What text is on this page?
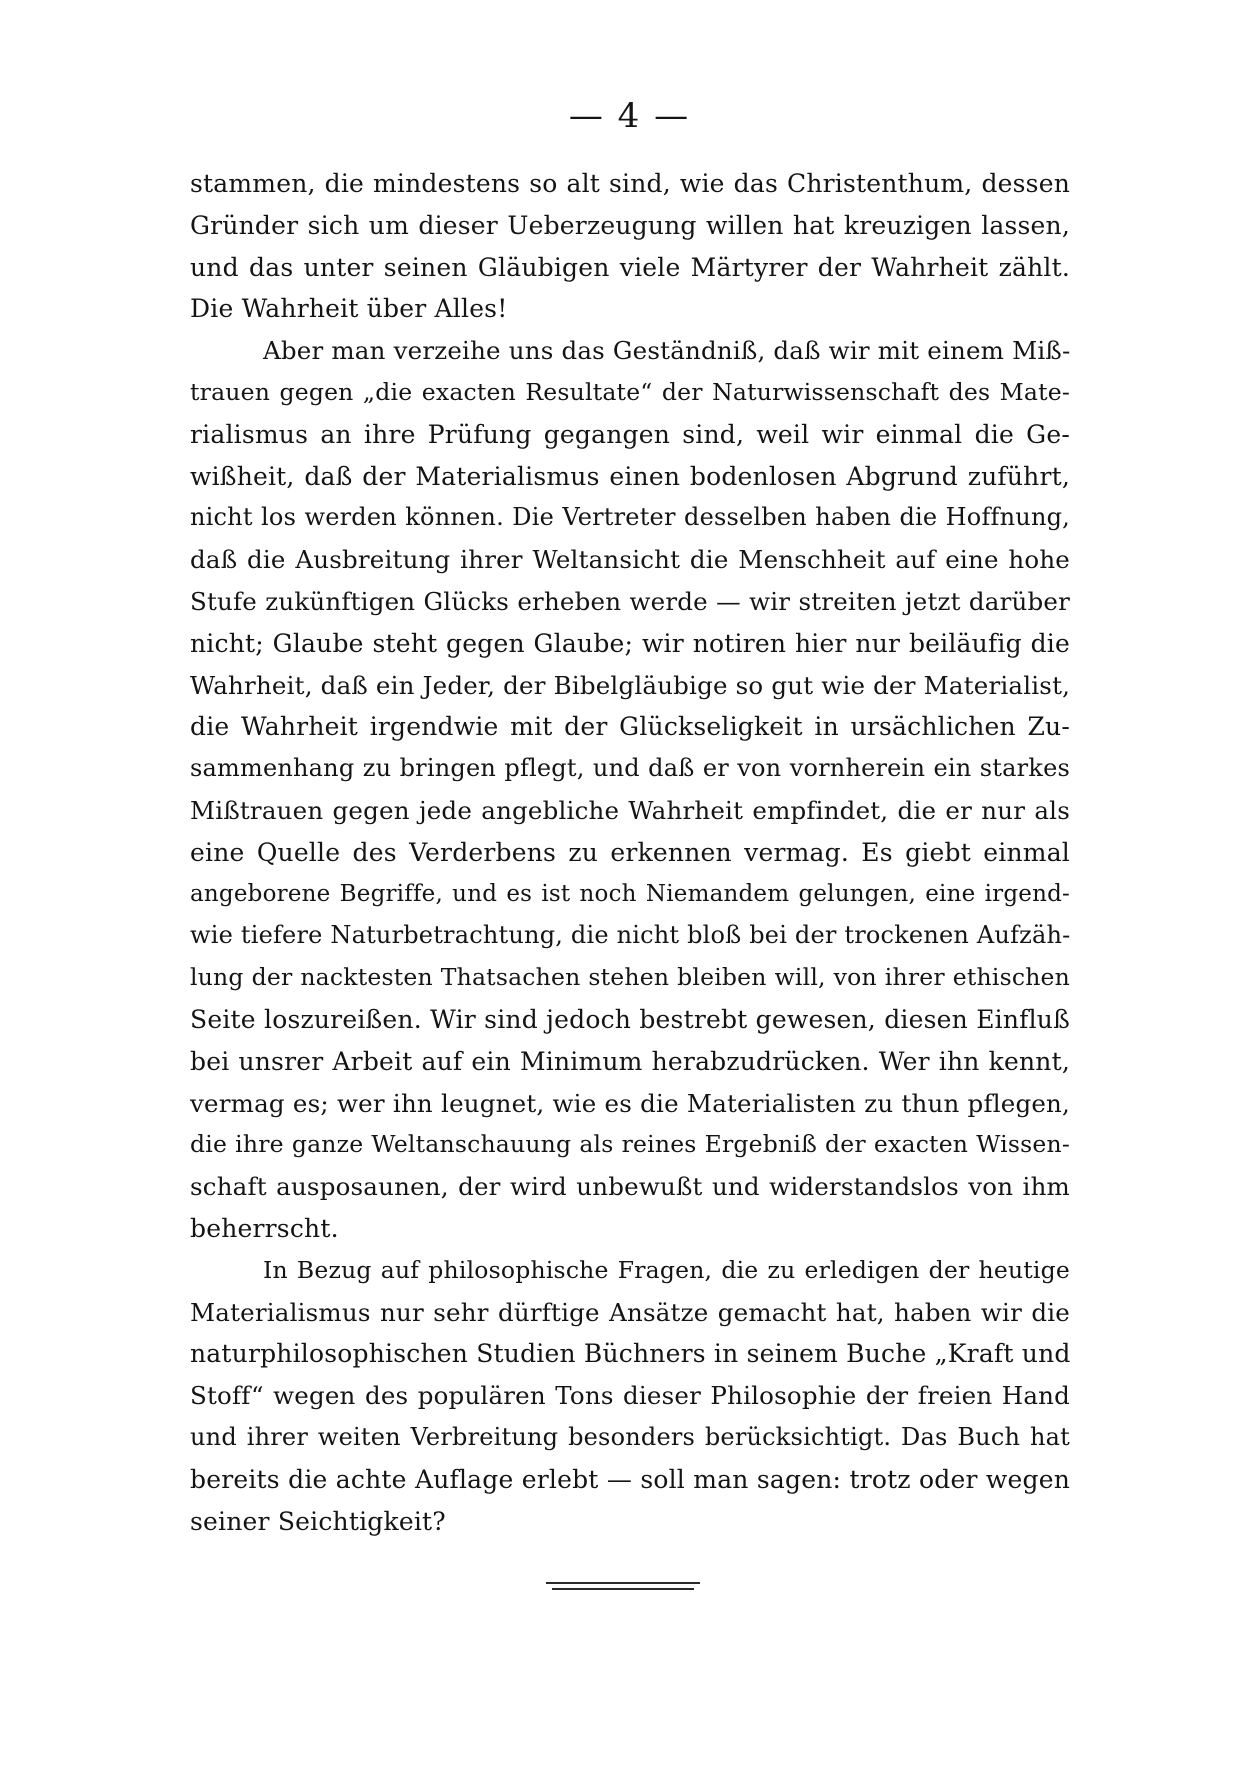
— 4 —
stammen, die mindestens so alt sind, wie das Christenthum, dessen
Gründer sich um dieser Ueberzeugung willen hat kreuzigen lassen,
und das unter seinen Gläubigen viele Märtyrer der Wahrheit zählt.
Die Wahrheit über Alles!
Aber man verzeihe uns das Geständniß, daß wir mit einem Miß-
trauen gegen „die exacten Resultate“ der Naturwissenschaft des Mate-
rialismus an ihre Prüfung gegangen sind, weil wir einmal die Ge-
wißheit, daß der Materialismus einen bodenlosen Abgrund zuführt,
nicht los werden können. Die Vertreter desselben haben die Hoffnung,
daß die Ausbreitung ihrer Weltansicht die Menschheit auf eine hohe
Stufe zukünftigen Glücks erheben werde — wir streiten jetzt darüber
nicht; Glaube steht gegen Glaube; wir notiren hier nur beiläufig die
Wahrheit, daß ein Jeder, der Bibelgläubige so gut wie der Materialist,
die Wahrheit irgendwie mit der Glückseligkeit in ursächlichen Zu-
sammenhang zu bringen pflegt, und daß er von vornherein ein starkes
Mißtrauen gegen jede angebliche Wahrheit empfindet, die er nur als
eine Quelle des Verderbens zu erkennen vermag. Es giebt einmal
angeborene Begriffe, und es ist noch Niemandem gelungen, eine irgend-
wie tiefere Naturbetrachtung, die nicht bloß bei der trockenen Aufzäh-
lung der nacktesten Thatsachen stehen bleiben will, von ihrer ethischen
Seite loszureißen. Wir sind jedoch bestrebt gewesen, diesen Einfluß
bei unsrer Arbeit auf ein Minimum herabzudrücken. Wer ihn kennt,
vermag es; wer ihn leugnet, wie es die Materialisten zu thun pflegen,
die ihre ganze Weltanschauung als reines Ergebniß der exacten Wissen-
schaft ausposaunen, der wird unbewußt und widerstandslos von ihm
beherrscht.
In Bezug auf philosophische Fragen, die zu erledigen der heutige
Materialismus nur sehr dürftige Ansätze gemacht hat, haben wir die
naturphilosophischen Studien Büchners in seinem Buche „Kraft und
Stoff“ wegen des populären Tons dieser Philosophie der freien Hand
und ihrer weiten Verbreitung besonders berücksichtigt. Das Buch hat
bereits die achte Auflage erlebt — soll man sagen: trotz oder wegen
seiner Seichtigkeit?
